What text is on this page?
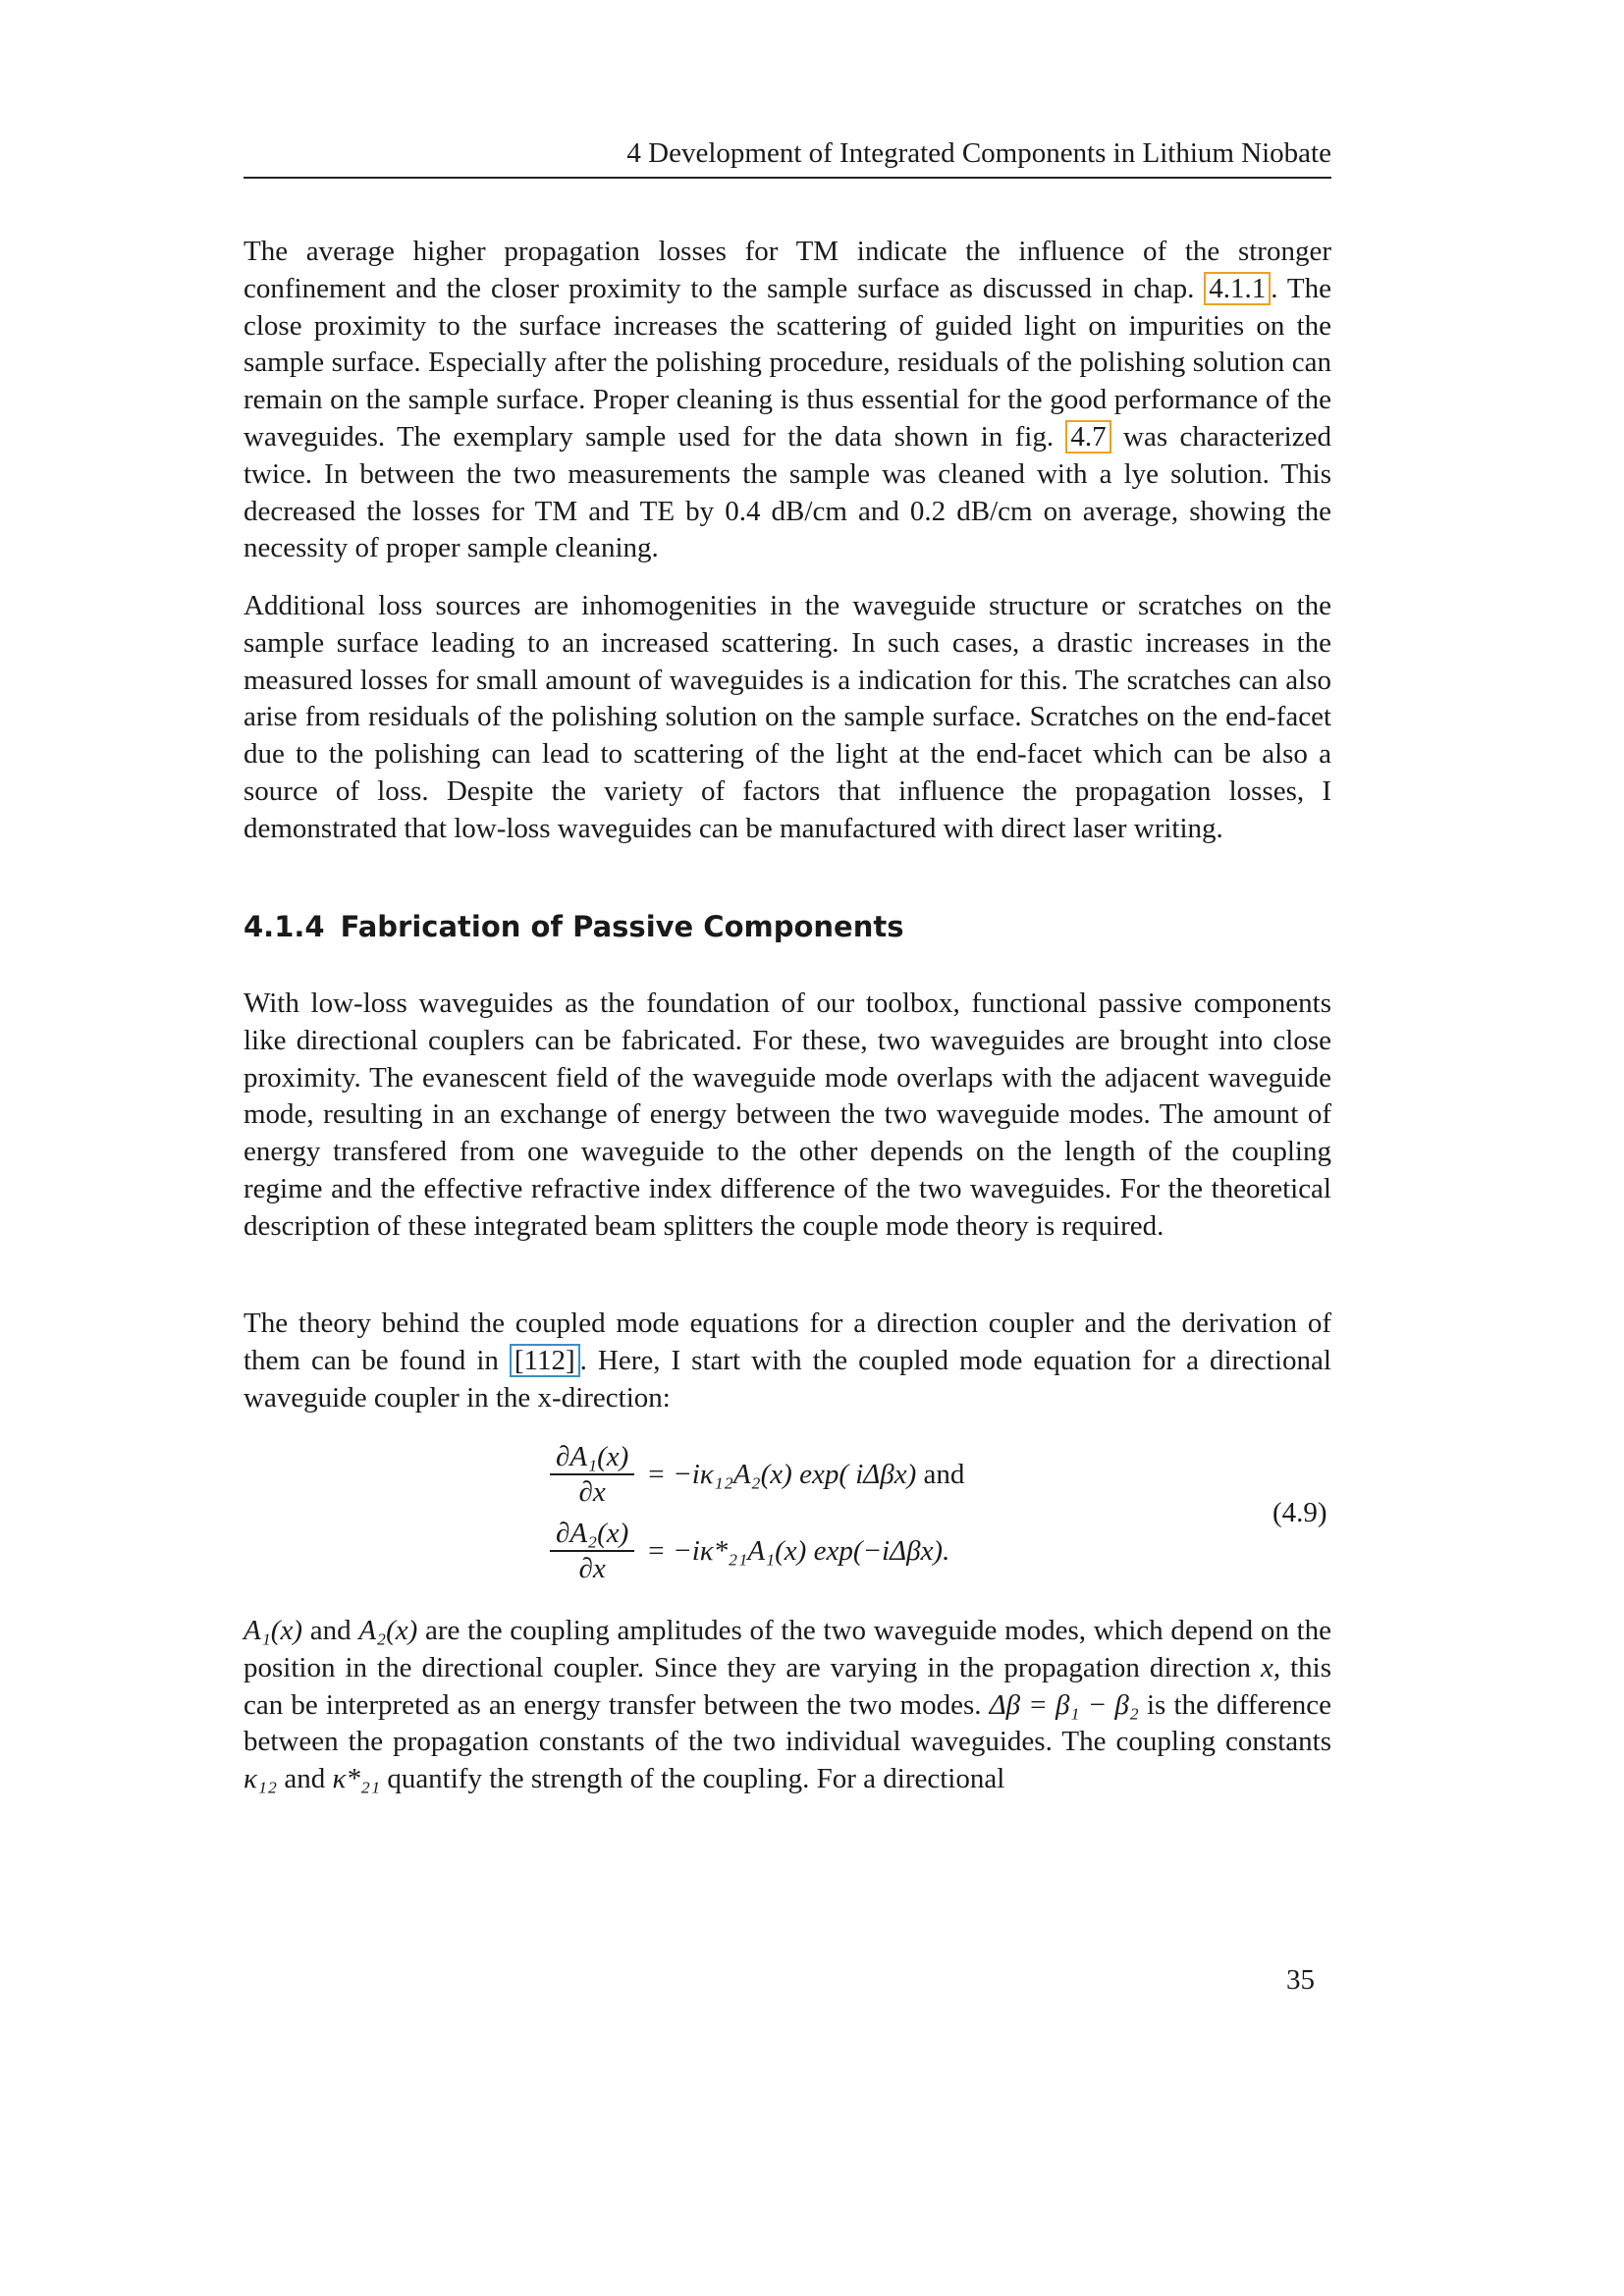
4 Development of Integrated Components in Lithium Niobate
The average higher propagation losses for TM indicate the influence of the stronger confinement and the closer proximity to the sample surface as discussed in chap. 4.1.1 . The close proximity to the surface increases the scattering of guided light on impurities on the sample surface. Especially after the polishing procedure, residuals of the polishing solution can remain on the sample surface. Proper cleaning is thus essential for the good performance of the waveguides. The exemplary sample used for the data shown in fig. 4.7 was characterized twice. In between the two measurements the sample was cleaned with a lye solution. This decreased the losses for TM and TE by 0.4 dB/cm and 0.2 dB/cm on average, showing the necessity of proper sample cleaning.
Additional loss sources are inhomogenities in the waveguide structure or scratches on the sample surface leading to an increased scattering. In such cases, a drastic increases in the measured losses for small amount of waveguides is a indication for this. The scratches can also arise from residuals of the polishing solution on the sample surface. Scratches on the end-facet due to the polishing can lead to scattering of the light at the end-facet which can be also a source of loss. Despite the variety of factors that influence the propagation losses, I demonstrated that low-loss waveguides can be manufactured with direct laser writing.
4.1.4 Fabrication of Passive Components
With low-loss waveguides as the foundation of our toolbox, functional passive components like directional couplers can be fabricated. For these, two waveguides are brought into close proximity. The evanescent field of the waveguide mode overlaps with the adjacent waveguide mode, resulting in an exchange of energy between the two waveguide modes. The amount of energy transfered from one waveguide to the other depends on the length of the coupling regime and the effective refractive index difference of the two waveguides. For the theoretical description of these integrated beam splitters the couple mode theory is required.
The theory behind the coupled mode equations for a direction coupler and the derivation of them can be found in [112] . Here, I start with the coupled mode equation for a directional waveguide coupler in the x-direction:
$\frac{\text{∂A₁(x)}}{\partial x} = -i\kappa_{12}A_2(x)$ exp( iΔβx)
and
$\frac{\text{∂A₂(x)}}{\partial x} = -i\kappa*_{21}A_1(x)$ exp(−iΔβx).
(4.9)
A₁(x) and A₂(x) are the coupling amplitudes of the two waveguide modes, which depend on the position in the directional coupler. Since they are varying in the propagation direction x, this can be interpreted as an energy transfer between the two modes. Δβ = β₁ − β₂ is the difference between the propagation constants of the two individual waveguides. The coupling constants κ₁₂ and κ*₂₁ quantify the strength of the coupling. For a directional
35
